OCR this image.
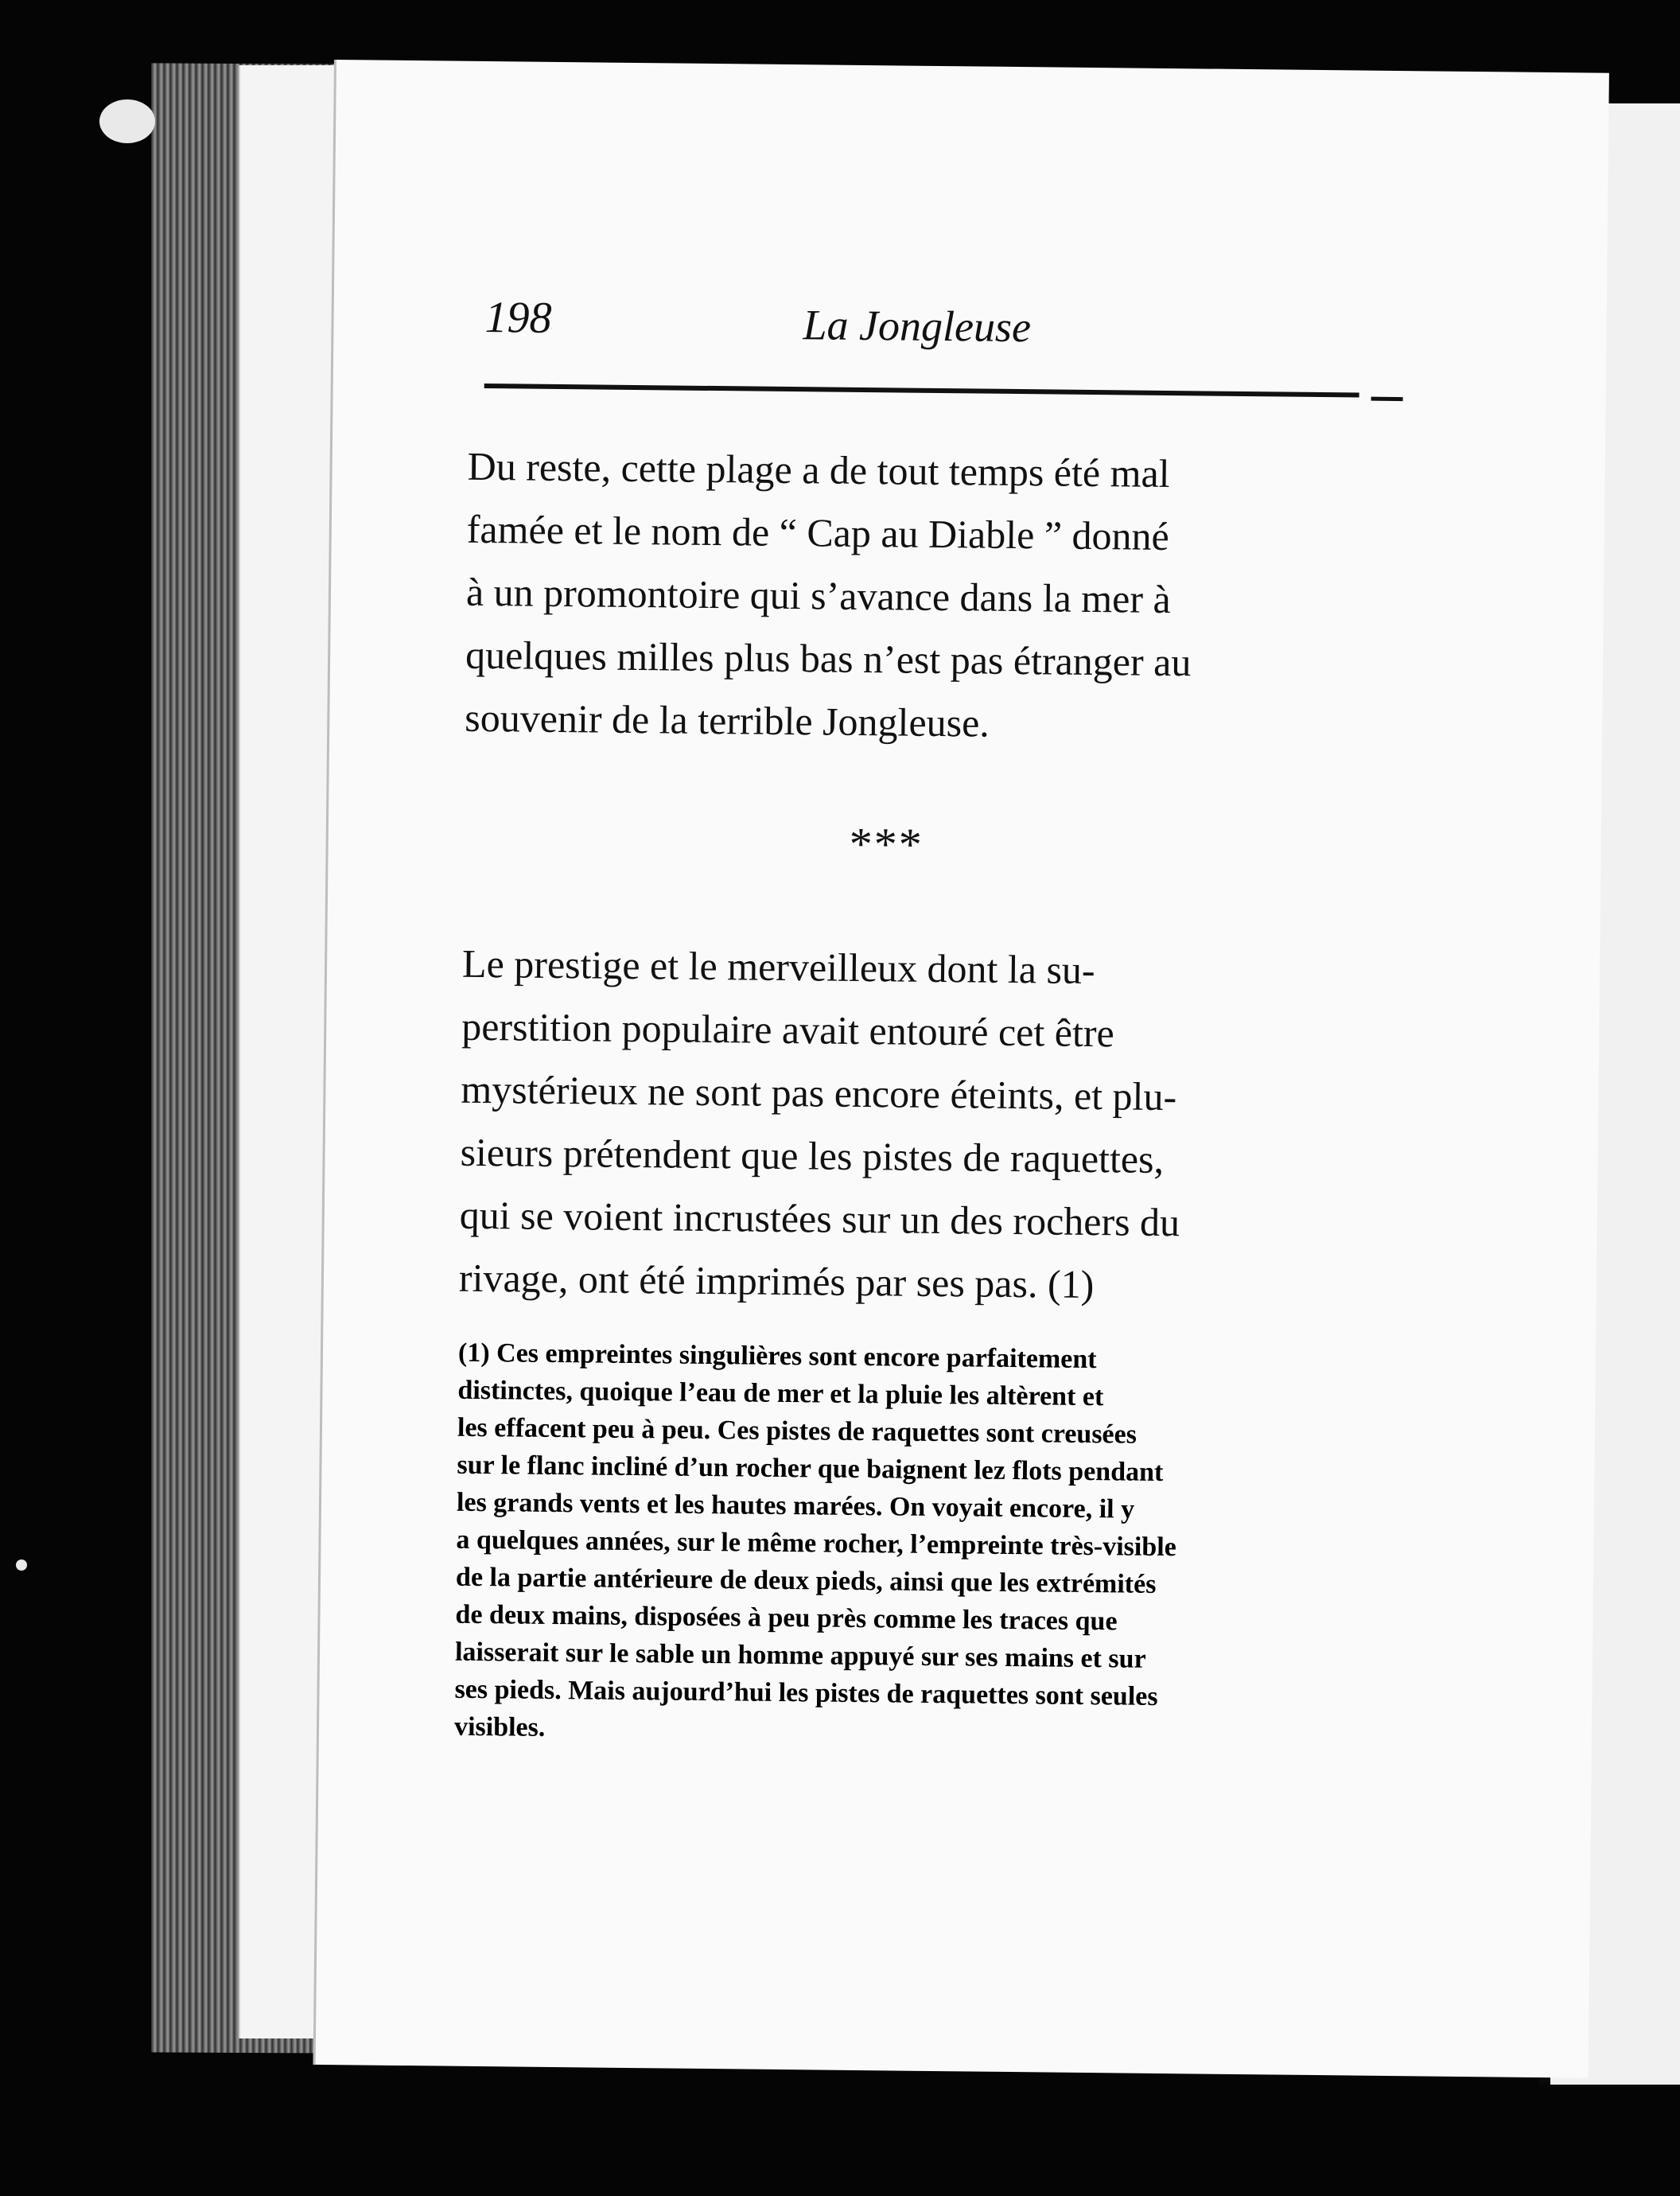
198	La Jongleuse
Du reste, cette plage a de tout temps été mal
famée et le nom de “ Cap au Diable ” donné
à un promontoire qui s’avance dans la mer à
quelques milles plus bas n’est pas étranger au
souvenir de la terrible Jongleuse.
***
Le prestige et le merveilleux dont la su-
perstition populaire avait entouré cet être
mystérieux ne sont pas encore éteints, et plu-
sieurs prétendent que les pistes de raquettes,
qui se voient incrustées sur un des rochers du
rivage, ont été imprimés par ses pas. (1)
(1) Ces empreintes singulières sont encore parfaitement
distinctes, quoique l’eau de mer et la pluie les altèrent et
les effacent peu à peu. Ces pistes de raquettes sont creusées
sur le flanc incliné d’un rocher que baignent lez flots pendant
les grands vents et les hautes marées. On voyait encore, il y
a quelques années, sur le même rocher, l’empreinte très-visible
de la partie antérieure de deux pieds, ainsi que les extrémités
de deux mains, disposées à peu près comme les traces que
laisserait sur le sable un homme appuyé sur ses mains et sur
ses pieds. Mais aujourd’hui les pistes de raquettes sont seules
visibles.
